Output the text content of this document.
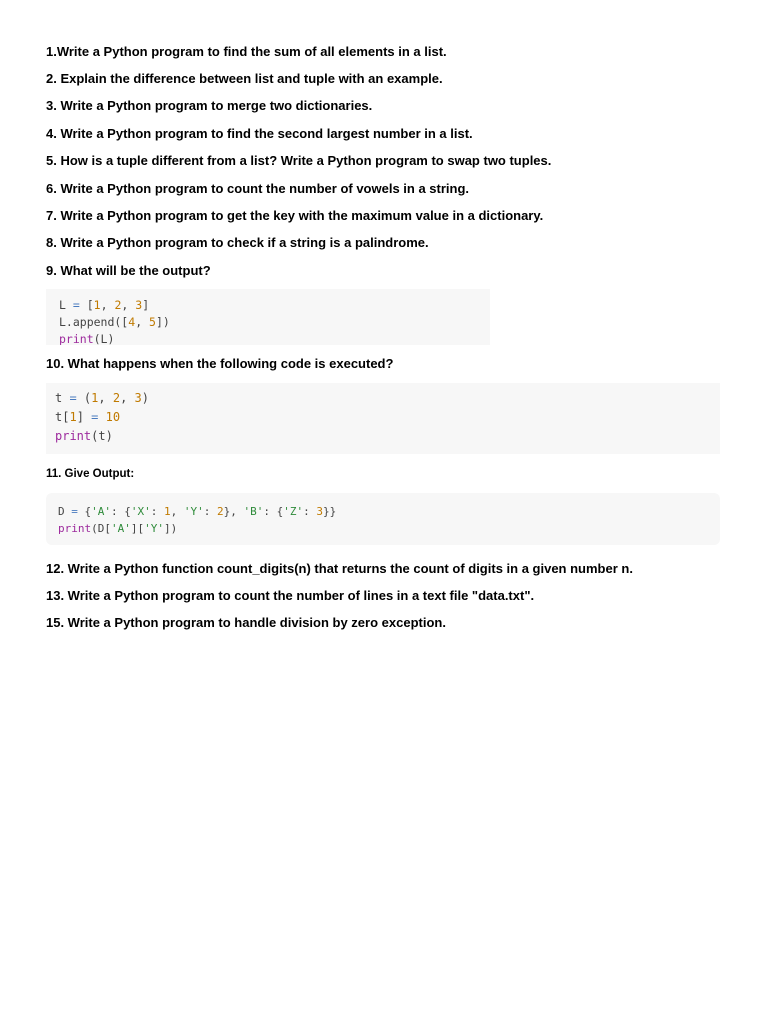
1.Write a Python program to find the sum of all elements in a list.
2. Explain the difference between list and tuple with an example.
3. Write a Python program to merge two dictionaries.
4. Write a Python program to find the second largest number in a list.
5. How is a tuple different from a list? Write a Python program to swap two tuples.
6. Write a Python program to count the number of vowels in a string.
7. Write a Python program to get the key with the maximum value in a dictionary.
8. Write a Python program to check if a string is a palindrome.
9. What will be the output?

L = [1, 2, 3]

L.append([4, 5])

print(L)

10. What happens when the following code is executed?

t = (1, 2, 3)

t[1] = 10

print(t)

11. Give Output:

D = {'A': {'X': 1, 'Y': 2}, 'B': {'Z': 3}}

print(D['A']['Y'])

12. Write a Python function count_digits(n) that returns the count of digits in a given number n.
13. Write a Python program to count the number of lines in a text file "data.txt".
15. Write a Python program to handle division by zero exception.
